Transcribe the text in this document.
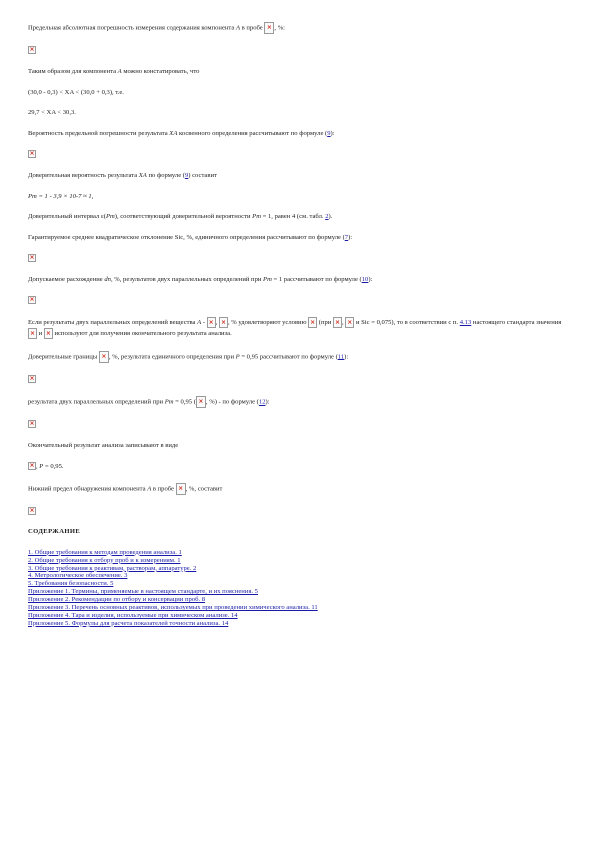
Предельная абсолютная погрешность измерения содержания компонента A в пробе ×, %:
×
Таким образом для компонента A можно констатировать, что
(30,0 - 0,3) < XA < (30,0 + 0,3), т.е.
29,7 < XA < 30,3.
Вероятность предельной погрешности результата XA косвенного определения рассчитывают по формуле (9):
×
Доверительная вероятность результата XA по формуле (9) составит
Pm = 1 - 3,9 × 10-7 ≈ 1,
Доверительный интервал ε(Pm), соответствующий доверительной вероятности Pm = 1, равен 4 (см. табл. 2).
Гарантируемое среднее квадратическое отклонение Sic, %, единичного определения рассчитывают по формуле (7):
×
Допускаемое расхождение dn, %, результатов двух параллельных определений при Pm = 1 рассчитывают по формуле (10):
×
Если результаты двух параллельных определений вещества A - ×, ×, % удовлетворяют условию × (при ×, × и Sic = 0,075), то в соответствии с п. 4.13 настоящего стандарта значения × и × используют для получения окончательного результата анализа.
Доверительные границы ×, %, результата единичного определения при P = 0,95 рассчитывают по формуле (11):
×
результата двух параллельных определений при Pm = 0,95 (× , %) - по формуле (12):
×
Окончательный результат анализа записывают в виде
×, P = 0,95.
Нижний предел обнаружения компонента A в пробе ×, %, составит
×
СОДЕРЖАНИЕ
1. Общие требования к методам проведения анализа. 1
2. Общие требования к отбору проб и к измерениям. 1
3. Общие требования к реактивам, растворам, аппаратуре. 2
4. Метрологическое обеспечение. 3
5. Требования безопасности. 5
Приложение 1. Термины, применяемые в настоящем стандарте, и их пояснения. 5
Приложение 2. Рекомендации по отбору и консервации проб. 8
Приложение 3. Перечень основных реактивов, используемых при проведении химического анализа. 11
Приложение 4. Тара и изделия, используемые при химическом анализе. 14
Приложение 5. Формулы для расчета показателей точности анализа. 14
